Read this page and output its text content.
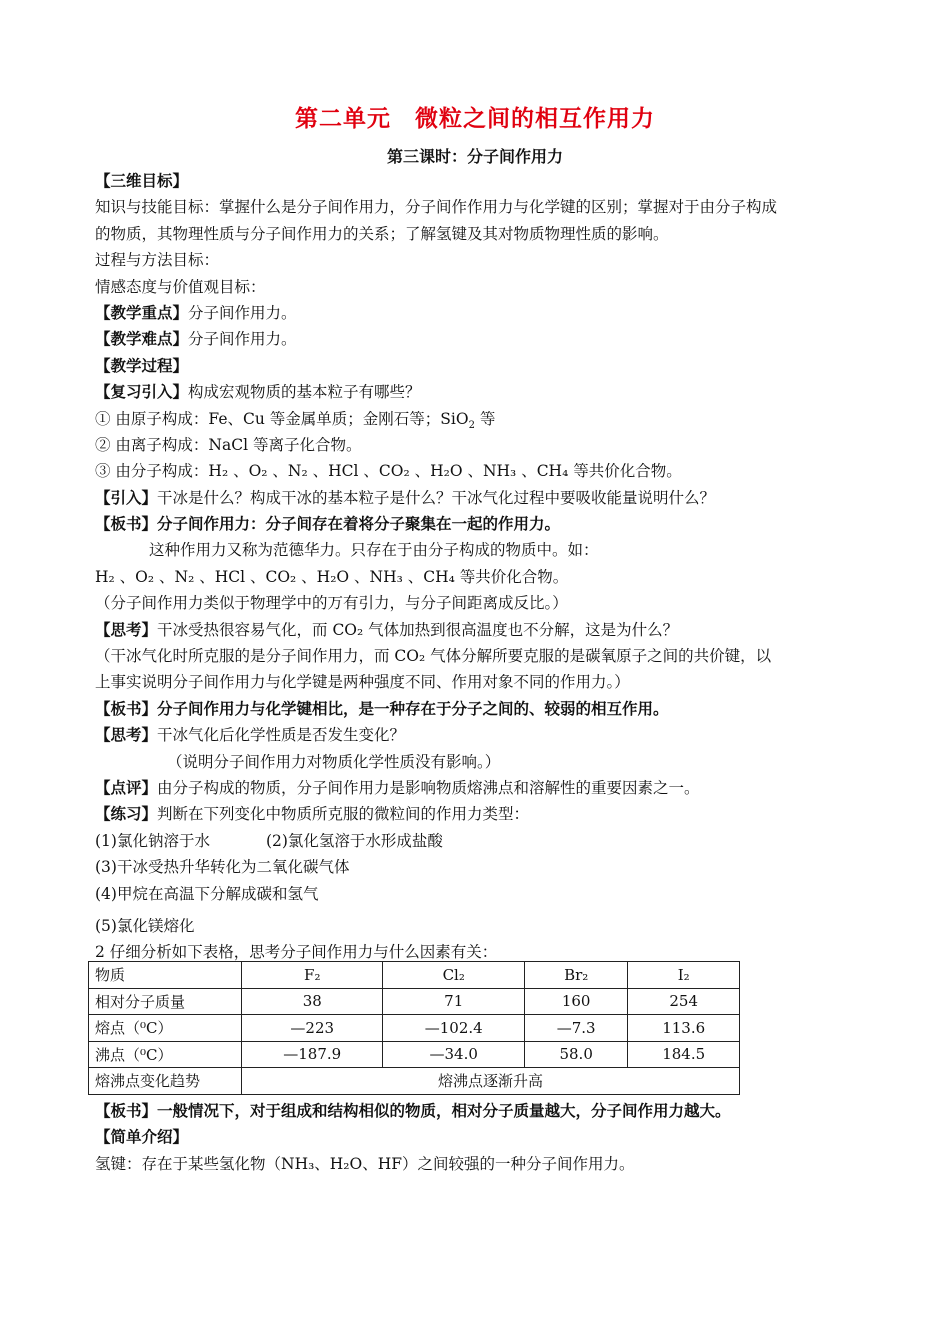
第二单元　微粒之间的相互作用力
第三课时：分子间作用力
【三维目标】
知识与技能目标：掌握什么是分子间作用力，分子间作作用力与化学键的区别；掌握对于由分子构成
的物质，其物理性质与分子间作用力的关系；了解氢键及其对物质物理性质的影响。
过程与方法目标：
情感态度与价值观目标：
【教学重点】分子间作用力。
【教学难点】分子间作用力。
【教学过程】
【复习引入】构成宏观物质的基本粒子有哪些？
① 由原子构成：Fe、Cu 等金属单质；金刚石等；SiO$_2$ 等
② 由离子构成：NaCl 等离子化合物。
③ 由分子构成：H₂ 、O₂ 、N₂ 、HCl 、CO₂ 、H₂O 、NH₃ 、CH₄ 等共价化合物。
【引入】干冰是什么？构成干冰的基本粒子是什么？干冰气化过程中要吸收能量说明什么？
【板书】分子间作用力：分子间存在着将分子聚集在一起的作用力。
这种作用力又称为范德华力。只存在于由分子构成的物质中。如：
H₂ 、O₂ 、N₂ 、HCl 、CO₂ 、H₂O 、NH₃ 、CH₄ 等共价化合物。
（分子间作用力类似于物理学中的万有引力，与分子间距离成反比。）
【思考】干冰受热很容易气化，而 CO₂ 气体加热到很高温度也不分解，这是为什么？
（干冰气化时所克服的是分子间作用力，而 CO₂ 气体分解所要克服的是碳氧原子之间的共价键，以
上事实说明分子间作用力与化学键是两种强度不同、作用对象不同的作用力。）
【板书】分子间作用力与化学键相比，是一种存在于分子之间的、较弱的相互作用。
【思考】干冰气化后化学性质是否发生变化？
（说明分子间作用力对物质化学性质没有影响。）
【点评】由分子构成的物质，分子间作用力是影响物质熔沸点和溶解性的重要因素之一。
【练习】判断在下列变化中物质所克服的微粒间的作用力类型：
(1)氯化钠溶于水	(2)氯化氢溶于水形成盐酸
(3)干冰受热升华转化为二氧化碳气体
(4)甲烷在高温下分解成碳和氢气
(5)氯化镁熔化
2 仔细分析如下表格，思考分子间作用力与什么因素有关：
物质	F₂	Cl₂	Br₂	I₂
相对分子质量	38	71	160	254
熔点（⁰C）	—223	—102.4	—7.3	113.6
沸点（⁰C）	—187.9	—34.0	58.0	184.5
熔沸点变化趋势	熔沸点逐渐升高			
【板书】一般情况下，对于组成和结构相似的物质，相对分子质量越大，分子间作用力越大。
【简单介绍】
氢键：存在于某些氢化物（NH₃、H₂O、HF）之间较强的一种分子间作用力。
